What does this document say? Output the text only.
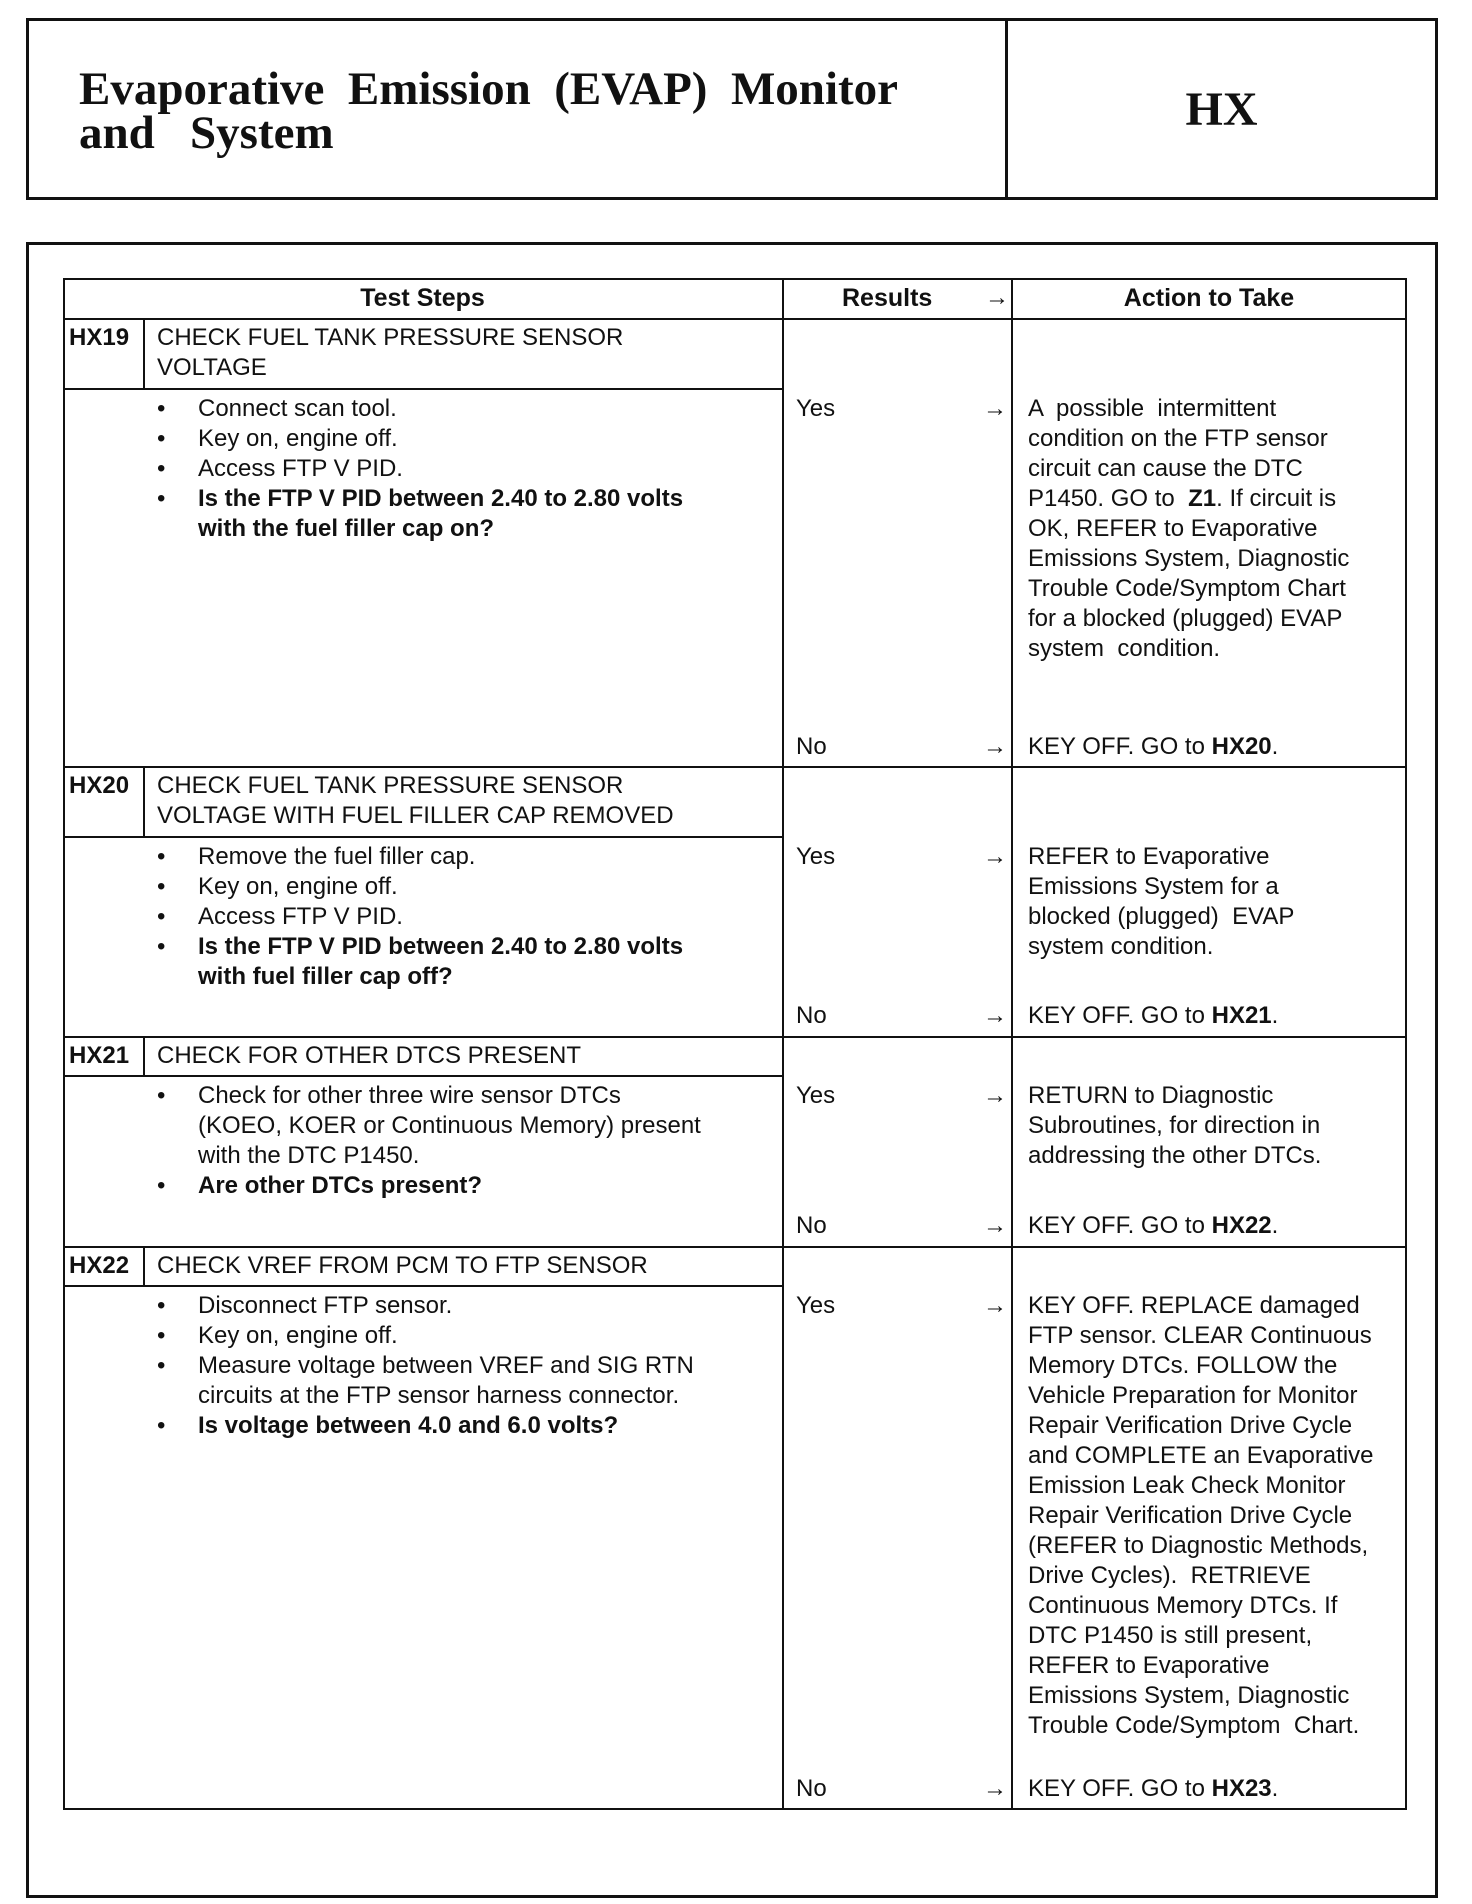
Evaporative  Emission  (EVAP)  Monitor
and   System	HX
Test Steps	Results →	Action to Take
HX19 CHECK FUEL TANK PRESSURE SENSOR
VOLTAGE
• Connect scan tool.
• Key on, engine off.
• Access FTP V PID.
• Is the FTP V PID between 2.40 to 2.80 volts
with the fuel filler cap on?
Yes	→ A  possible  intermittent
condition on the FTP sensor
circuit can cause the DTC
P1450. GO to  Z1. If circuit is
OK, REFER to Evaporative
Emissions System, Diagnostic
Trouble Code/Symptom Chart
for a blocked (plugged) EVAP
system  condition.
No	→ KEY OFF. GO to HX20.
HX20 CHECK FUEL TANK PRESSURE SENSOR
VOLTAGE WITH FUEL FILLER CAP REMOVED
• Remove the fuel filler cap.
• Key on, engine off.
• Access FTP V PID.
• Is the FTP V PID between 2.40 to 2.80 volts
with fuel filler cap off?
Yes	→ REFER to Evaporative
Emissions System for a
blocked (plugged)  EVAP
system condition.
No	→ KEY OFF. GO to HX21.
HX21 CHECK FOR OTHER DTCS PRESENT
• Check for other three wire sensor DTCs
(KOEO, KOER or Continuous Memory) present
with the DTC P1450.
• Are other DTCs present?
Yes	→ RETURN to Diagnostic
Subroutines, for direction in
addressing the other DTCs.
No	→ KEY OFF. GO to HX22.
HX22 CHECK VREF FROM PCM TO FTP SENSOR
• Disconnect FTP sensor.
• Key on, engine off.
• Measure voltage between VREF and SIG RTN
circuits at the FTP sensor harness connector.
• Is voltage between 4.0 and 6.0 volts?
Yes	→ KEY OFF. REPLACE damaged
FTP sensor. CLEAR Continuous
Memory DTCs. FOLLOW the
Vehicle Preparation for Monitor
Repair Verification Drive Cycle
and COMPLETE an Evaporative
Emission Leak Check Monitor
Repair Verification Drive Cycle
(REFER to Diagnostic Methods,
Drive Cycles).  RETRIEVE
Continuous Memory DTCs. If
DTC P1450 is still present,
REFER to Evaporative
Emissions System, Diagnostic
Trouble Code/Symptom  Chart.
No	→ KEY OFF. GO to HX23.
